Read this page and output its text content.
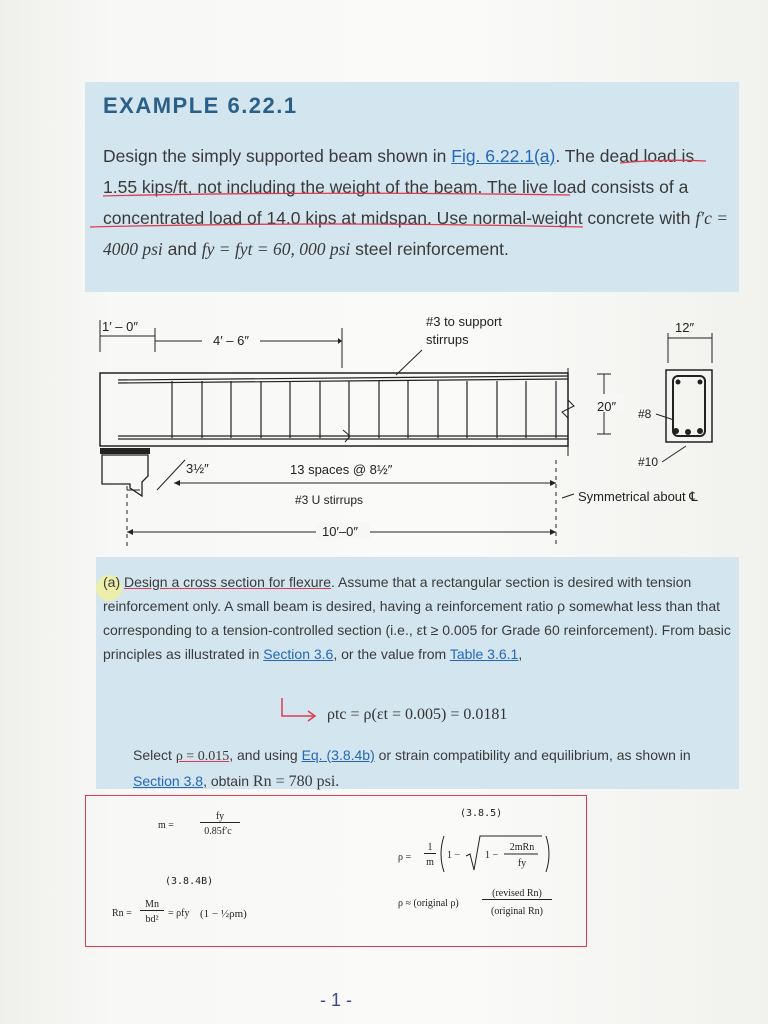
EXAMPLE 6.22.1
Design the simply supported beam shown in Fig. 6.22.1(a). The dead load is 1.55 kips/ft, not including the weight of the beam. The live load consists of a concentrated load of 14.0 kips at midspan. Use normal-weight concrete with f′c = 4000 psi and fy = fyt = 60, 000 psi steel reinforcement.
1′ – 0″
4′ – 6″
#3 to support
stirrups
3½″	13 spaces @ 8½″
#3 U stirrups	Symmetrical about ℄
10′–0″
20″
12″
#8
#10
(a) Design a cross section for flexure. Assume that a rectangular section is desired with tension reinforcement only. A small beam is desired, having a reinforcement ratio ρ somewhat less than that corresponding to a tension-controlled section (i.e., εt ≥ 0.005 for Grade 60 reinforcement). From basic principles as illustrated in Section 3.6, or the value from Table 3.6.1,
ρtc = ρ(εt = 0.005) = 0.0181
Select ρ = 0.015, and using Eq. (3.8.4b) or strain compatibility and equilibrium, as shown in Section 3.8, obtain Rn = 780 psi.
(3.8.5)
(3.8.4B)
m =
fy
0.85f′c
ρ =
1
m
1 − 1 −
2mRn
fy
Rn =
Mn
bd²
= ρfy (1 − ½ρm)
ρ ≈ (original ρ)
(revised Rn)
(original Rn)
- 1 -
